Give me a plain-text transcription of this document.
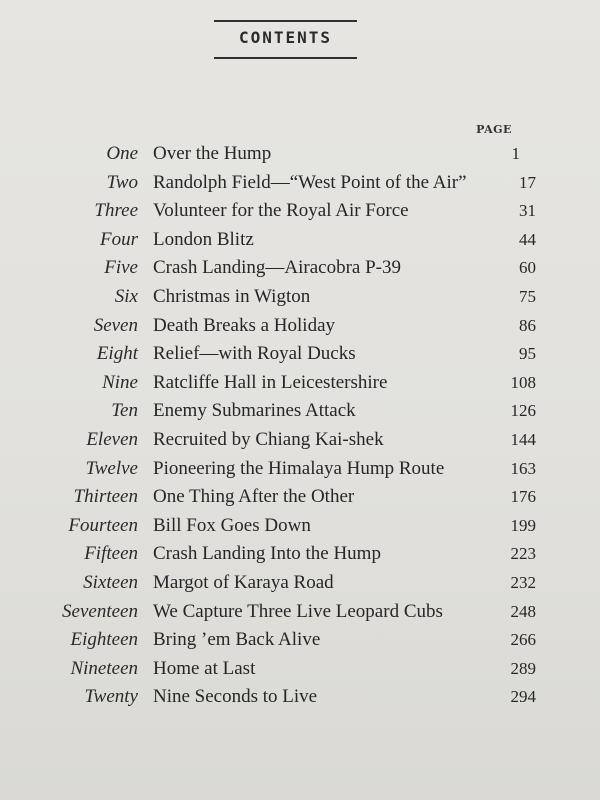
CONTENTS
PAGE
One Over the Hump	1
Two Randolph Field—“West Point of the Air”	17
Three Volunteer for the Royal Air Force	31
Four London Blitz	44
Five Crash Landing—Airacobra P-39	60
Six Christmas in Wigton	75
Seven Death Breaks a Holiday	86
Eight Relief—with Royal Ducks	95
Nine Ratcliffe Hall in Leicestershire	108
Ten Enemy Submarines Attack	126
Eleven Recruited by Chiang Kai-shek	144
Twelve Pioneering the Himalaya Hump Route	163
Thirteen One Thing After the Other	176
Fourteen Bill Fox Goes Down	199
Fifteen Crash Landing Into the Hump	223
Sixteen Margot of Karaya Road	232
Seventeen We Capture Three Live Leopard Cubs	248
Eighteen Bring ’em Back Alive	266
Nineteen Home at Last	289
Twenty Nine Seconds to Live	294
